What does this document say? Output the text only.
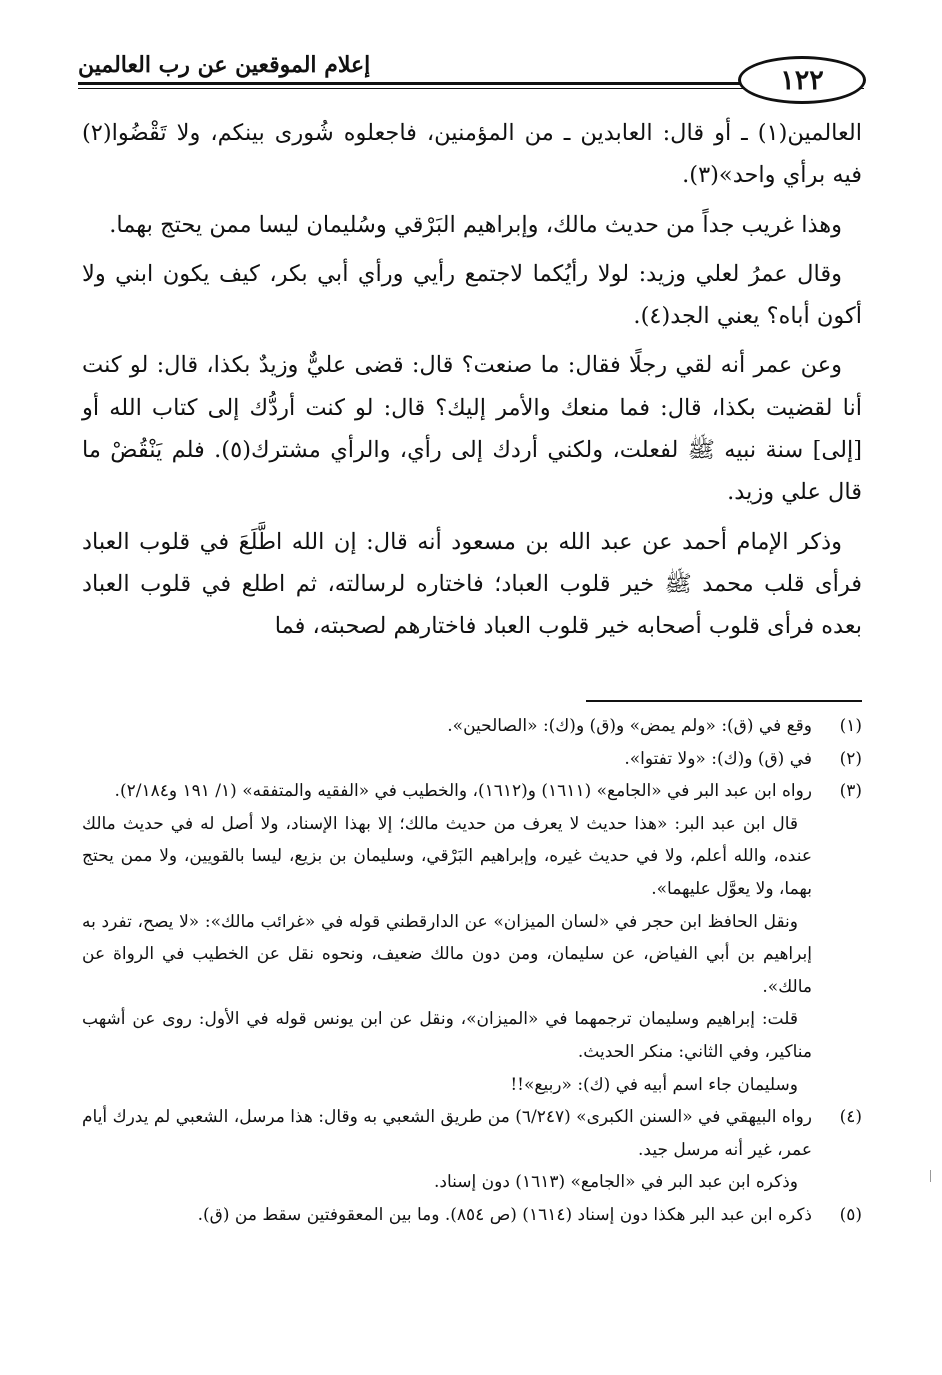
إعلام الموقعين عن رب العالمين	١٢٢

العالمين(١) ـ أو قال: العابدين ـ من المؤمنين، فاجعلوه شُورى بينكم، ولا تَقْضُوا(٢) فيه برأي واحد»(٣).

وهذا غريب جداً من حديث مالك، وإبراهيم البَرْقي وسُليمان ليسا ممن يحتج بهما.

وقال عمرُ لعلي وزيد: لولا رأيُكما لاجتمع رأيي ورأي أبي بكر، كيف يكون ابني ولا أكون أباه؟ يعني الجد(٤).

وعن عمر أنه لقي رجلًا فقال: ما صنعت؟ قال: قضى عليٌّ وزيدٌ بكذا، قال: لو كنت أنا لقضيت بكذا، قال: فما منعك والأمر إليك؟ قال: لو كنت أردُّك إلى كتاب الله أو [إلى] سنة نبيه ﷺ لفعلت، ولكني أردك إلى رأي، والرأي مشترك(٥). فلم يَنْقُضْ ما قال علي وزيد.

وذكر الإمام أحمد عن عبد الله بن مسعود أنه قال: إن الله اطَّلَعَ في قلوب العباد فرأى قلب محمد ﷺ خير قلوب العباد؛ فاختاره لرسالته، ثم اطلع في قلوب العباد بعده فرأى قلوب أصحابه خير قلوب العباد فاختارهم لصحبته، فما

(١)
وقع في (ق): «ولم يمض» و(ق) و(ك): «الصالحين».
(٢)
في (ق) و(ك): «ولا تفتوا».
(٣)
رواه ابن عبد البر في «الجامع» (١٦١١) و(١٦١٢)، والخطيب في «الفقيه والمتفقه» (١/ ١٩١ و٢/١٨٤).
قال ابن عبد البر: «هذا حديث لا يعرف من حديث مالك؛ إلا بهذا الإسناد، ولا أصل له في حديث مالك عنده، والله أعلم، ولا في حديث غيره، وإبراهيم البَرْقي، وسليمان بن بزيع، ليسا بالقويين، ولا ممن يحتج بهما، ولا يعوَّل عليهما».
ونقل الحافظ ابن حجر في «لسان الميزان» عن الدارقطني قوله في «غرائب مالك»: «لا يصح، تفرد به إبراهيم بن أبي الفياض، عن سليمان، ومن دون مالك ضعيف، ونحوه نقل عن الخطيب في الرواة عن مالك».
قلت: إبراهيم وسليمان ترجمهما في «الميزان»، ونقل عن ابن يونس قوله في الأول: روى عن أشهب مناكير، وفي الثاني: منكر الحديث.
وسليمان جاء اسم أبيه في (ك): «ربيع»!!
(٤)
رواه البيهقي في «السنن الكبرى» (٦/٢٤٧) من طريق الشعبي به وقال: هذا مرسل، الشعبي لم يدرك أيام عمر، غير أنه مرسل جيد.
وذكره ابن عبد البر في «الجامع» (١٦١٣) دون إسناد.
(٥)
ذكره ابن عبد البر هكذا دون إسناد (١٦١٤) (ص ٨٥٤). وما بين المعقوفتين سقط من (ق).
